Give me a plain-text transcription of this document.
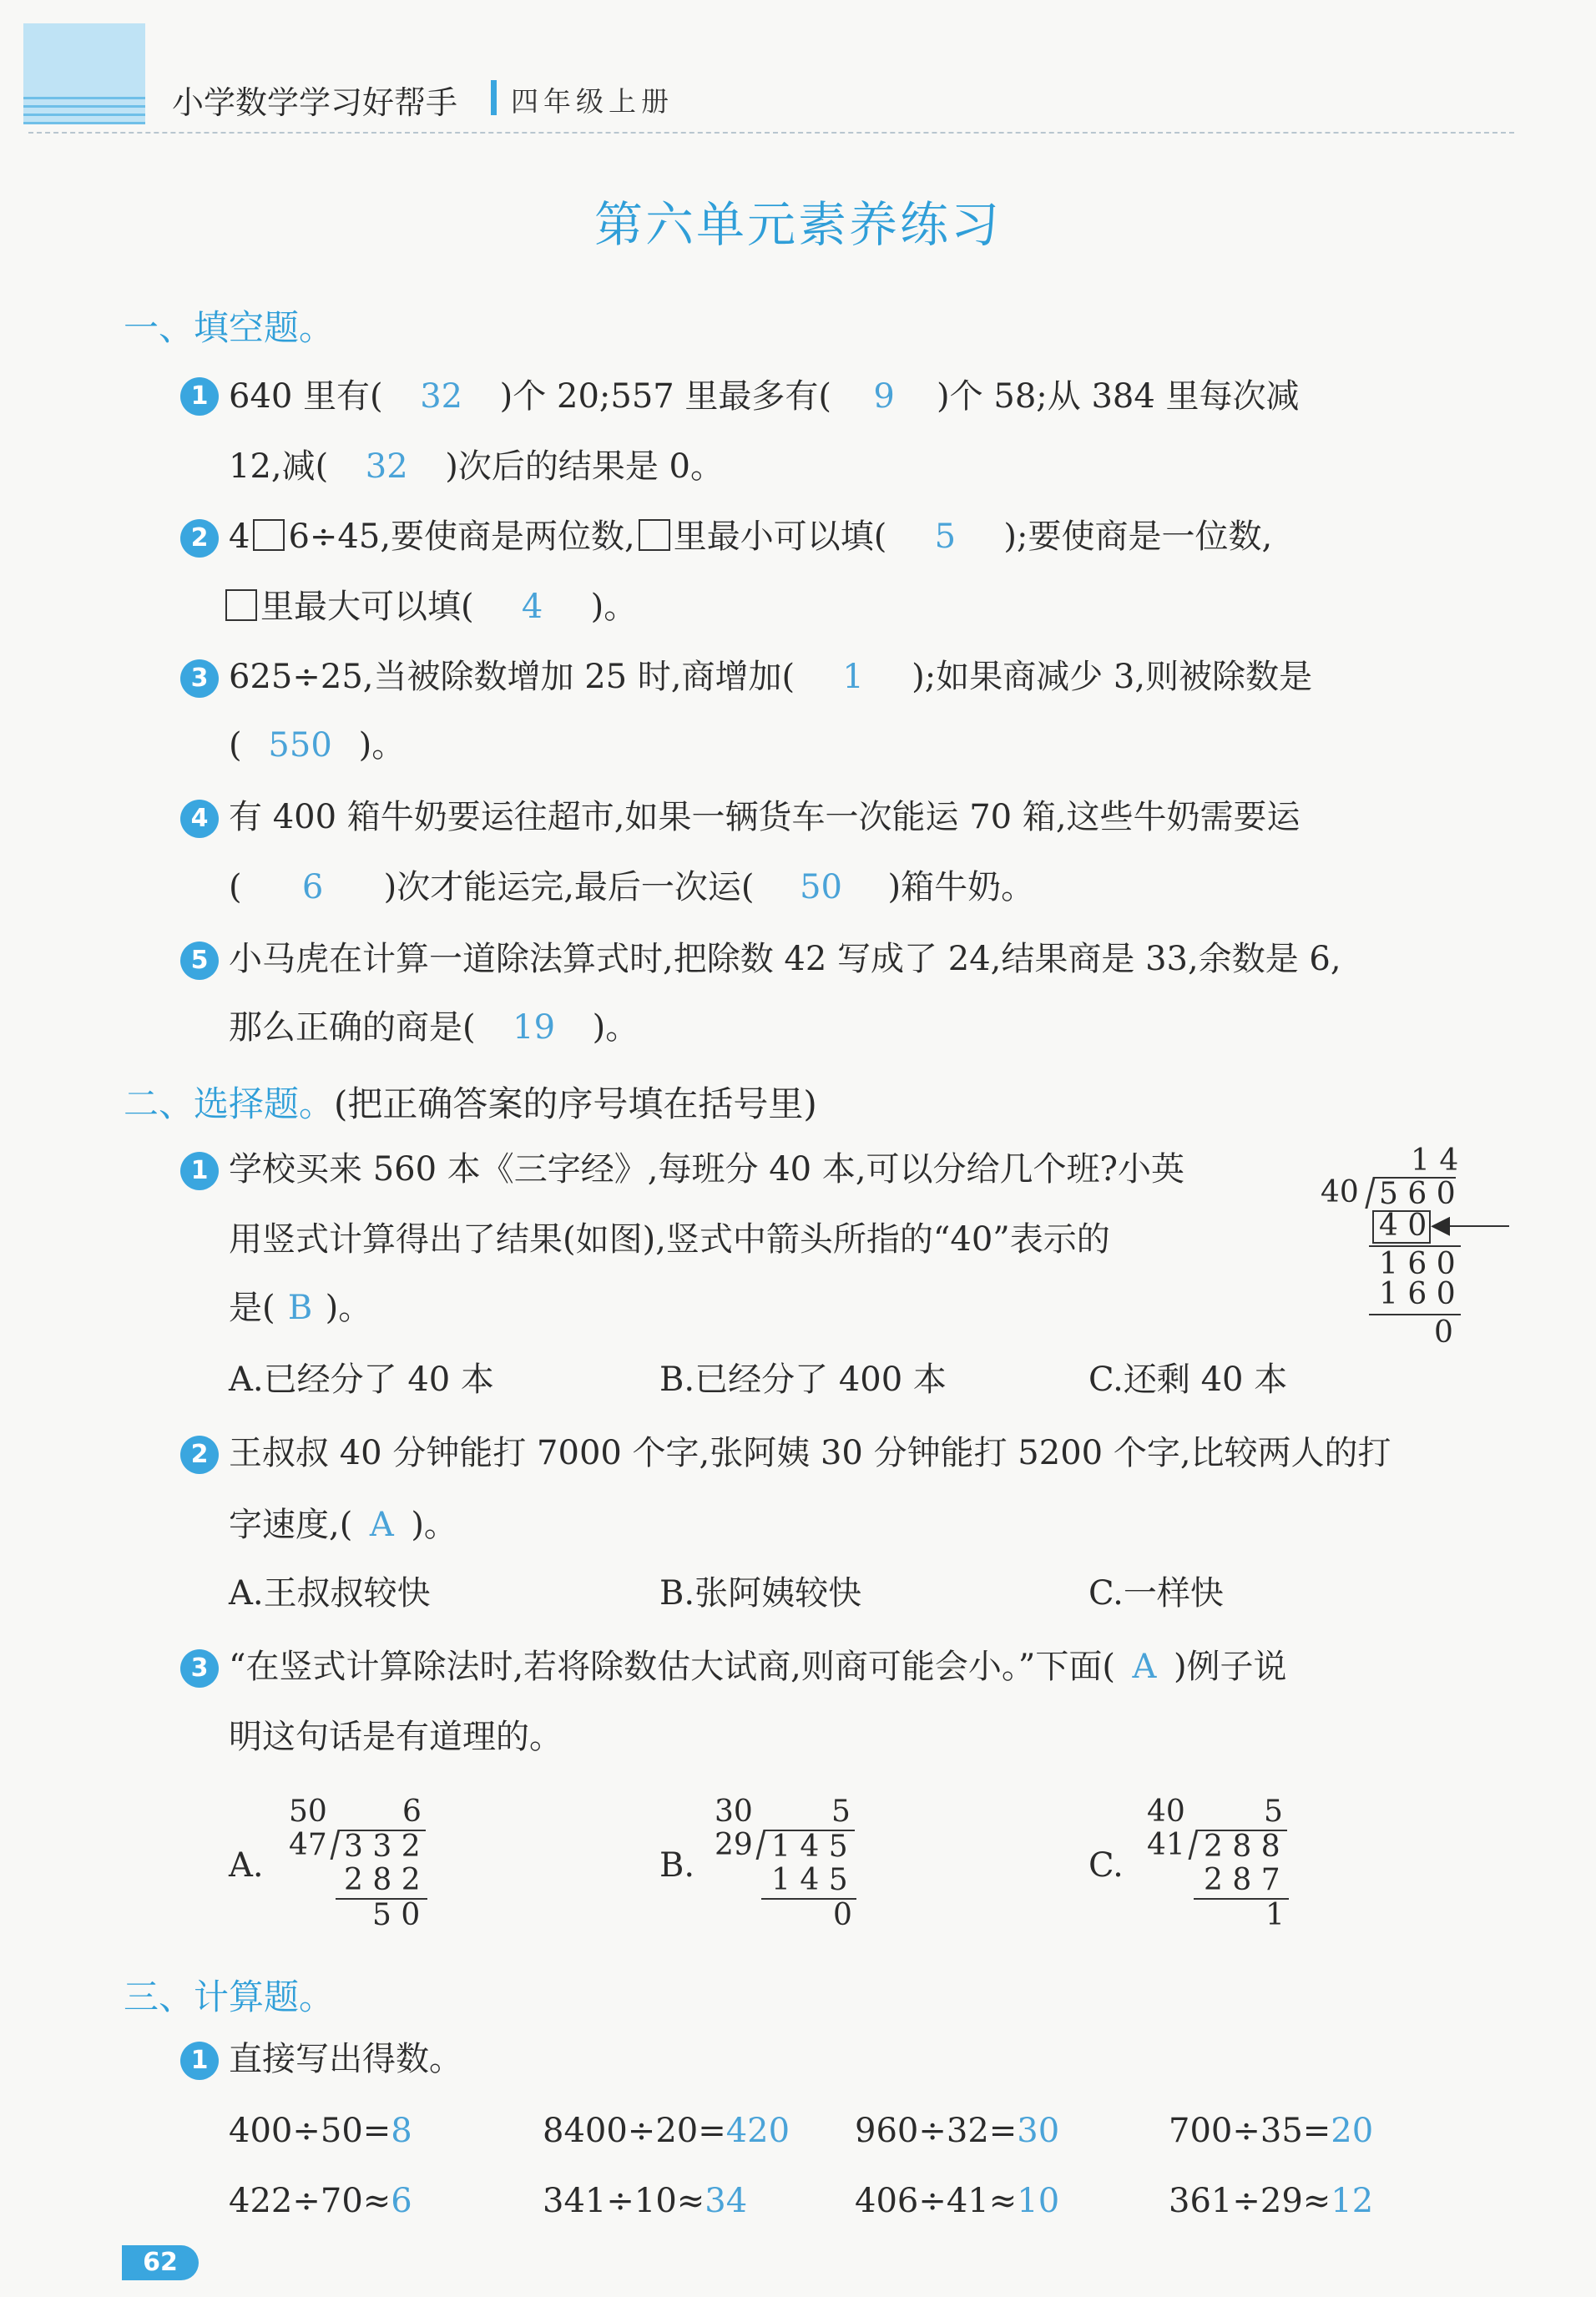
小学数学学习好帮手 四年级上册
第六单元素养练习
一、填空题。
1 640 里有( 32 )个 20;557 里最多有( 9 )个 58;从 384 里每次减
12,减( 32 )次后的结果是 0。
2 4 6÷45,要使商是两位数, 里最小可以填( 5 );要使商是一位数,
里最大可以填( 4 )。
3 625÷25,当被除数增加 25 时,商增加( 1 );如果商减少 3,则被除数是
( 550 )。
4 有 400 箱牛奶要运往超市,如果一辆货车一次能运 70 箱,这些牛奶需要运
( 6 )次才能运完,最后一次运( 50 )箱牛奶。
5 小马虎在计算一道除法算式时,把除数 42 写成了 24,结果商是 33,余数是 6,
那么正确的商是( 19 )。
二、选择题。(把正确答案的序号填在括号里)
1 学校买来 560 本《三字经》,每班分 40 本,可以分给几个班?小英
用竖式计算得出了结果(如图),竖式中箭头所指的“40”表示的
是( B )。
1 4
40 5 6 0
4 0 ◀
1 6 0
1 6 0
0
A.已经分了 40 本	B.已经分了 400 本	C.还剩 40 本
2 王叔叔 40 分钟能打 7000 个字,张阿姨 30 分钟能打 5200 个字,比较两人的打
字速度,( A )。
A.王叔叔较快	B.张阿姨较快	C.一样快
3 “在竖式计算除法时,若将除数估大试商,则商可能会小。”下面( A )例子说
明这句话是有道理的。
A.
50	6
47 3 3 2
2 8 2
5 0
B.
30	5
29 1 4 5
1 4 5
0
C.
40	5
41 2 8 8
2 8 7
1
三、计算题。
1 直接写出得数。
400÷50=8	8400÷20=420 960÷32=30	700÷35=20
422÷70≈6	341÷10≈34	406÷41≈10	361÷29≈12
62
